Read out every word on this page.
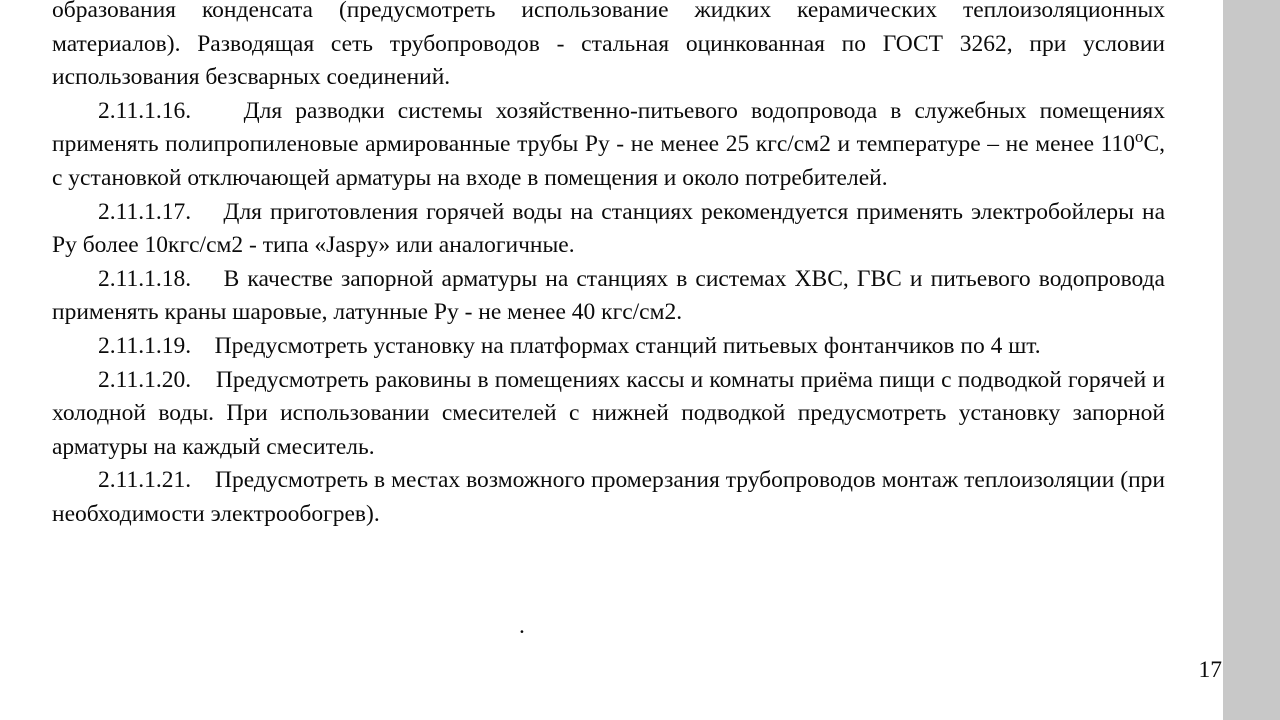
образования конденсата (предусмотреть использование жидких керамических теплоизоляционных материалов). Разводящая сеть трубопроводов - стальная оцинкованная по ГОСТ 3262, при условии использования безсварных соединений.

2.11.1.16. Для разводки системы хозяйственно-питьевого водопровода в служебных помещениях применять полипропиленовые армированные трубы Ру - не менее 25 кгс/см2 и температуре – не менее $110^оС$, с установкой отключающей арматуры на входе в помещения и около потребителей.

2.11.1.17. Для приготовления горячей воды на станциях рекомендуется применять электробойлеры на Ру более 10кгс/см2 - типа «Jaspy» или аналогичные.

2.11.1.18. В качестве запорной арматуры на станциях в системах ХВС, ГВС и питьевого водопровода применять краны шаровые, латунные Ру - не менее 40 кгс/см2.

2.11.1.19. Предусмотреть установку на платформах станций питьевых фонтанчиков по 4 шт.

2.11.1.20. Предусмотреть раковины в помещениях кассы и комнаты приёма пищи с подводкой горячей и холодной воды. При использовании смесителей с нижней подводкой предусмотреть установку запорной арматуры на каждый смеситель.

2.11.1.21. Предусмотреть в местах возможного промерзания трубопроводов монтаж теплоизоляции (при необходимости электрообогрев).

.
17
